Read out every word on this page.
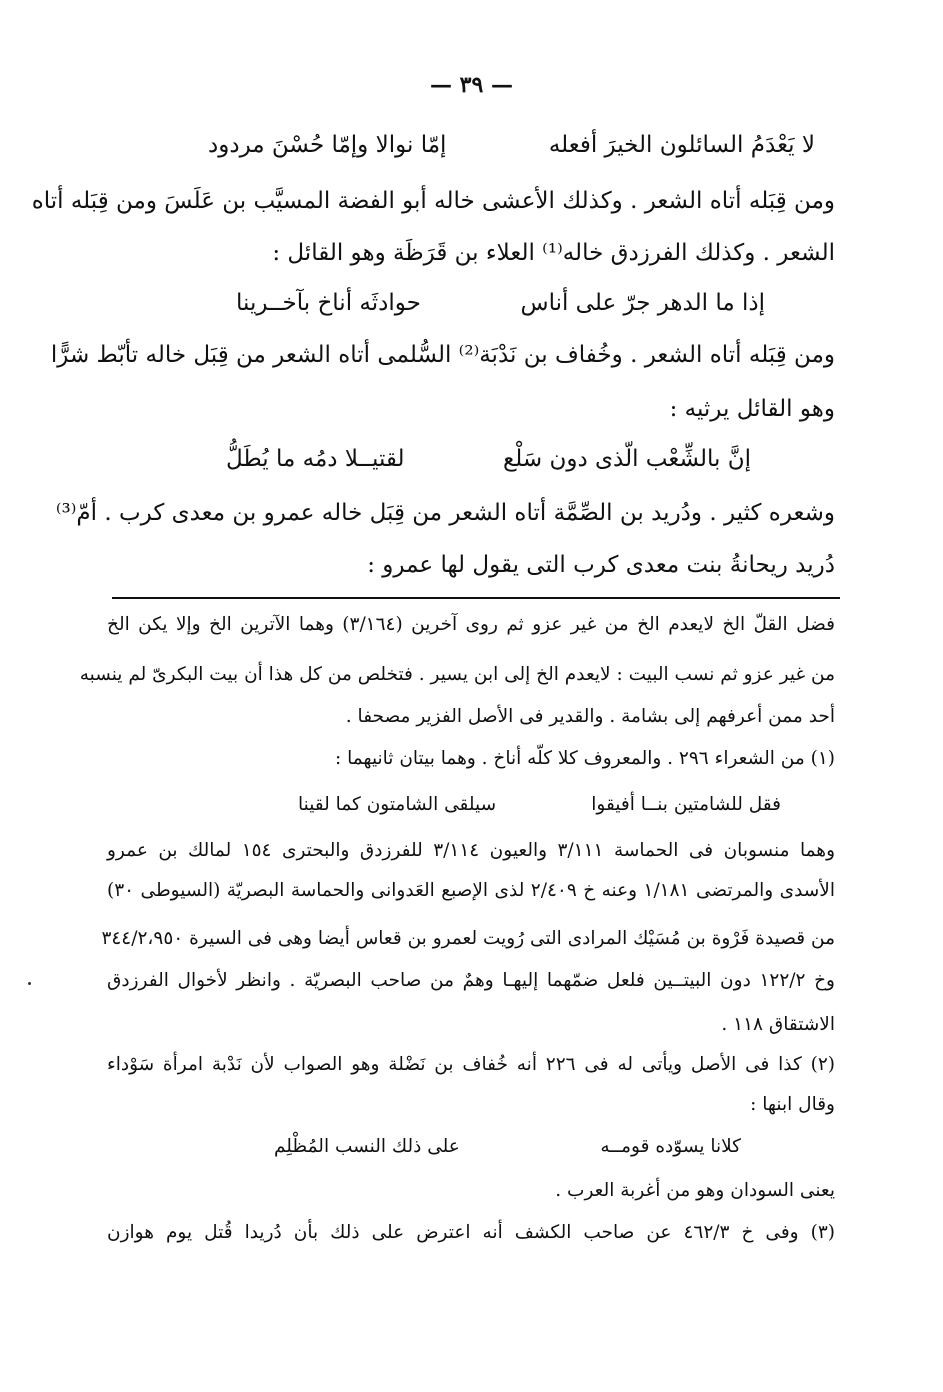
— ٣٩ —
لا يَعْدَمُ السائلون الخيرَ أفعله
إمّا نوالا وإمّا حُسْنَ مردود
ومن قِبَله أتاه الشعر . وكذلك الأعشى خاله أبو الفضة المسيَّب بن عَلَسَ ومن قِبَله أتاه
الشعر . وكذلك الفرزدق خاله⁽¹⁾ العلاء بن قَرَظَة وهو القائل :
إذا ما الدهر جرّ على أناس
حوادثَه أناخ بآخــرينا
ومن قِبَله أتاه الشعر . وخُفاف بن نَدْبَة⁽²⁾ السُّلمى أتاه الشعر من قِبَل خاله تأبّط شرًّا
وهو القائل يرثيه :
إنَّ بالشِّعْب الّذى دون سَلْع
لقتيــلا دمُه ما يُطَلُّ
وشعره كثير . ودُريد بن الصِّمَّة أتاه الشعر من قِبَل خاله عمرو بن معدى كرب . أمّ⁽³⁾
دُريد ريحانةُ بنت معدى كرب التى يقول لها عمرو :
فضل القلّ الخ لايعدم الخ من غير عزو ثم روى آخرين (٣/١٦٤) وهما الآترين الخ وإلا يكن الخ
من غير عزو ثم نسب البيت : لايعدم الخ إلى ابن يسير . فتخلص من كل هذا أن بيت البكرىّ لم ينسبه
أحد ممن أعرفهم إلى بشامة . والقدير فى الأصل الفزير مصحفا .
(١) من الشعراء ٢٩٦ . والمعروف كلا كلّه أناخ . وهما بيتان ثانيهما :
فقل للشامتين بنــا أفيقوا
سيلقى الشامتون كما لقينا
وهما منسوبان فى الحماسة ٣/١١١ والعيون ٣/١١٤ للفرزدق والبحترى ١٥٤ لمالك بن عمرو
الأسدى والمرتضى ١/١٨١ وعنه خ ٢/٤٠٩ لذى الإصبع العَدوانى والحماسة البصريّة (السيوطى ٣٠)
من قصيدة فَرْوة بن مُسَيْك المرادى التى رُويت لعمرو بن قعاس أيضا وهى فى السيرة ٣٤٤/٢،٩٥٠
وخ ١٢٢/٢ دون البيتــين فلعل ضمّهما إليهـا وهمٌ من صاحب البصريّة . وانظر لأخوال الفرزدق
الاشتقاق ١١٨ .
(٢) كذا فى الأصل ويأتى له فى ٢٢٦ أنه خُفاف بن نَضْلة وهو الصواب لأن نَدْبة امرأة سَوْداء
وقال ابنها :
كلانا يسوّده قومــه
على ذلك النسب المُظْلِم
يعنى السودان وهو من أغربة العرب .
(٣) وفى خ ٤٦٢/٣ عن صاحب الكشف أنه اعترض على ذلك بأن دُريدا قُتل يوم هوازن
